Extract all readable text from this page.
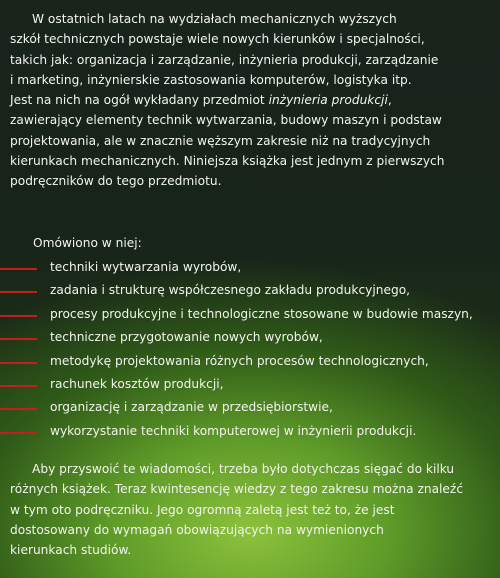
W ostatnich latach na wydziałach mechanicznych wyższych
szkół technicznych powstaje wiele nowych kierunków i specjalności,
takich jak: organizacja i zarządzanie, inżynieria produkcji, zarządzanie
i marketing, inżynierskie zastosowania komputerów, logistyka itp.
Jest na nich na ogół wykładany przedmiot inżynieria produkcji,
zawierający elementy technik wytwarzania, budowy maszyn i podstaw
projektowania, ale w znacznie węższym zakresie niż na tradycyjnych
kierunkach mechanicznych. Niniejsza książka jest jednym z pierwszych
podręczników do tego przedmiotu.

Omówiono w niej:
techniki wytwarzania wyrobów,
zadania i strukturę współczesnego zakładu produkcyjnego,
procesy produkcyjne i technologiczne stosowane w budowie maszyn,
techniczne przygotowanie nowych wyrobów,
metodykę projektowania różnych procesów technologicznych,
rachunek kosztów produkcji,
organizację i zarządzanie w przedsiębiorstwie,
wykorzystanie techniki komputerowej w inżynierii produkcji.

Aby przyswoić te wiadomości, trzeba było dotychczas sięgać do kilku
różnych książek. Teraz kwintesencję wiedzy z tego zakresu można znaleźć
w tym oto podręczniku. Jego ogromną zaletą jest też to, że jest
dostosowany do wymagań obowiązujących na wymienionych
kierunkach studiów.
